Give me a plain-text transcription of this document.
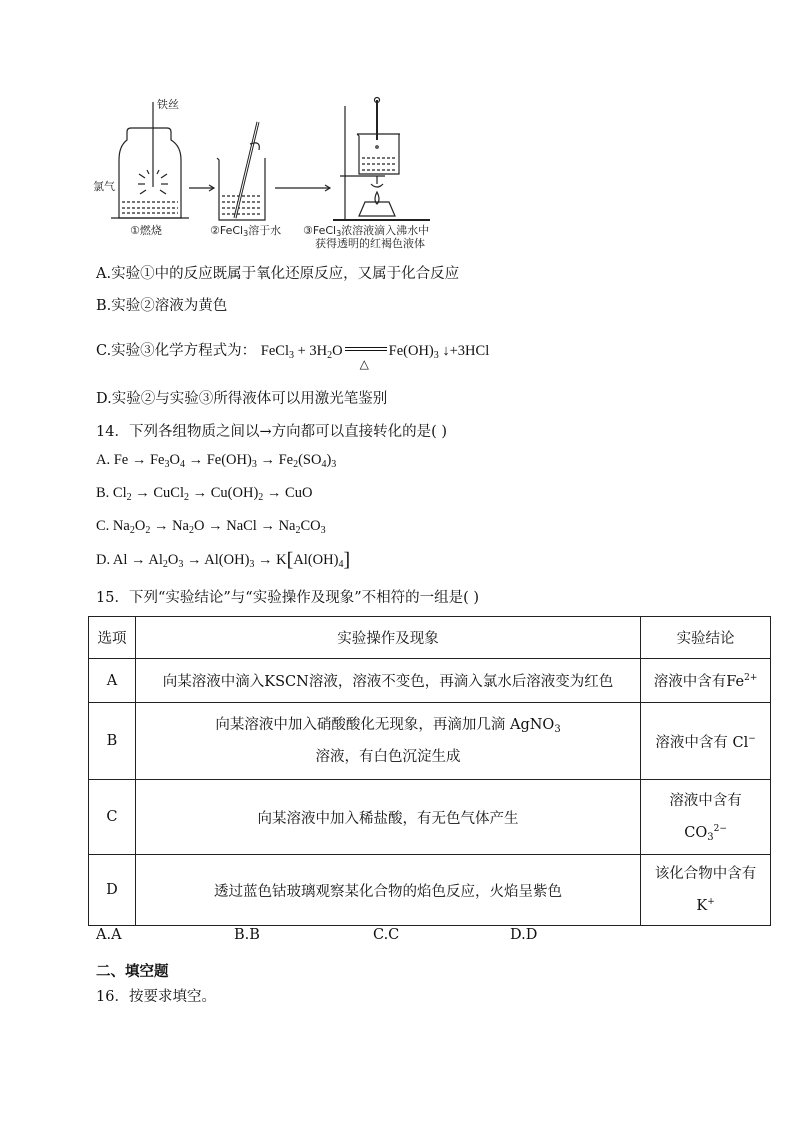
铁丝
氯气
①燃烧	②FeCl3溶于水 ③FeCl3浓溶液滴入沸水中
获得透明的红褐色液体
A.实验①中的反应既属于氧化还原反应，又属于化合反应
B.实验②溶液为黄色
C.实验③化学方程式为： FeCl$_3$ + $3H_2O$
△
$Fe(OH)_3$ ↓+3HCl
D.实验②与实验③所得液体可以用激光笔鉴别
14．下列各组物质之间以→方向都可以直接转化的是( )
A. $Fe \to Fe_3O_4 \to Fe(OH)_3 \to Fe_2(SO_4)_3$
B. $Cl_2$ → CuCl$_2$ → $Cu(OH)_2$ → CuO
C. $Na_2O_2 \to Na_2O$ → NaCl → $Na_2CO_3$
D. $Al \to Al_2O_3 \to Al(OH)_3 \to K[Al(OH)_4]$
15．下列“实验结论”与“实验操作及现象”不相符的一组是( )
选项	实验操作及现象	实验结论
A	向某溶液中滴入KSCN溶液，溶液不变色，再滴入氯水后溶液变为红色	溶液中含有$Fe^{2+}$
B	向某溶液中加入硝酸酸化无现象，再滴加几滴 AgNO$_3$
溶液，有白色沉淀生成	溶液中含有 Cl−
C	向某溶液中加入稀盐酸，有无色气体产生	溶液中含有
$CO_3^{2-}$
D	透过蓝色钴玻璃观察某化合物的焰色反应，火焰呈紫色	该化合物中含有
K+
A.A	B.B	C.C	D.D
二、填空题
16．按要求填空。
